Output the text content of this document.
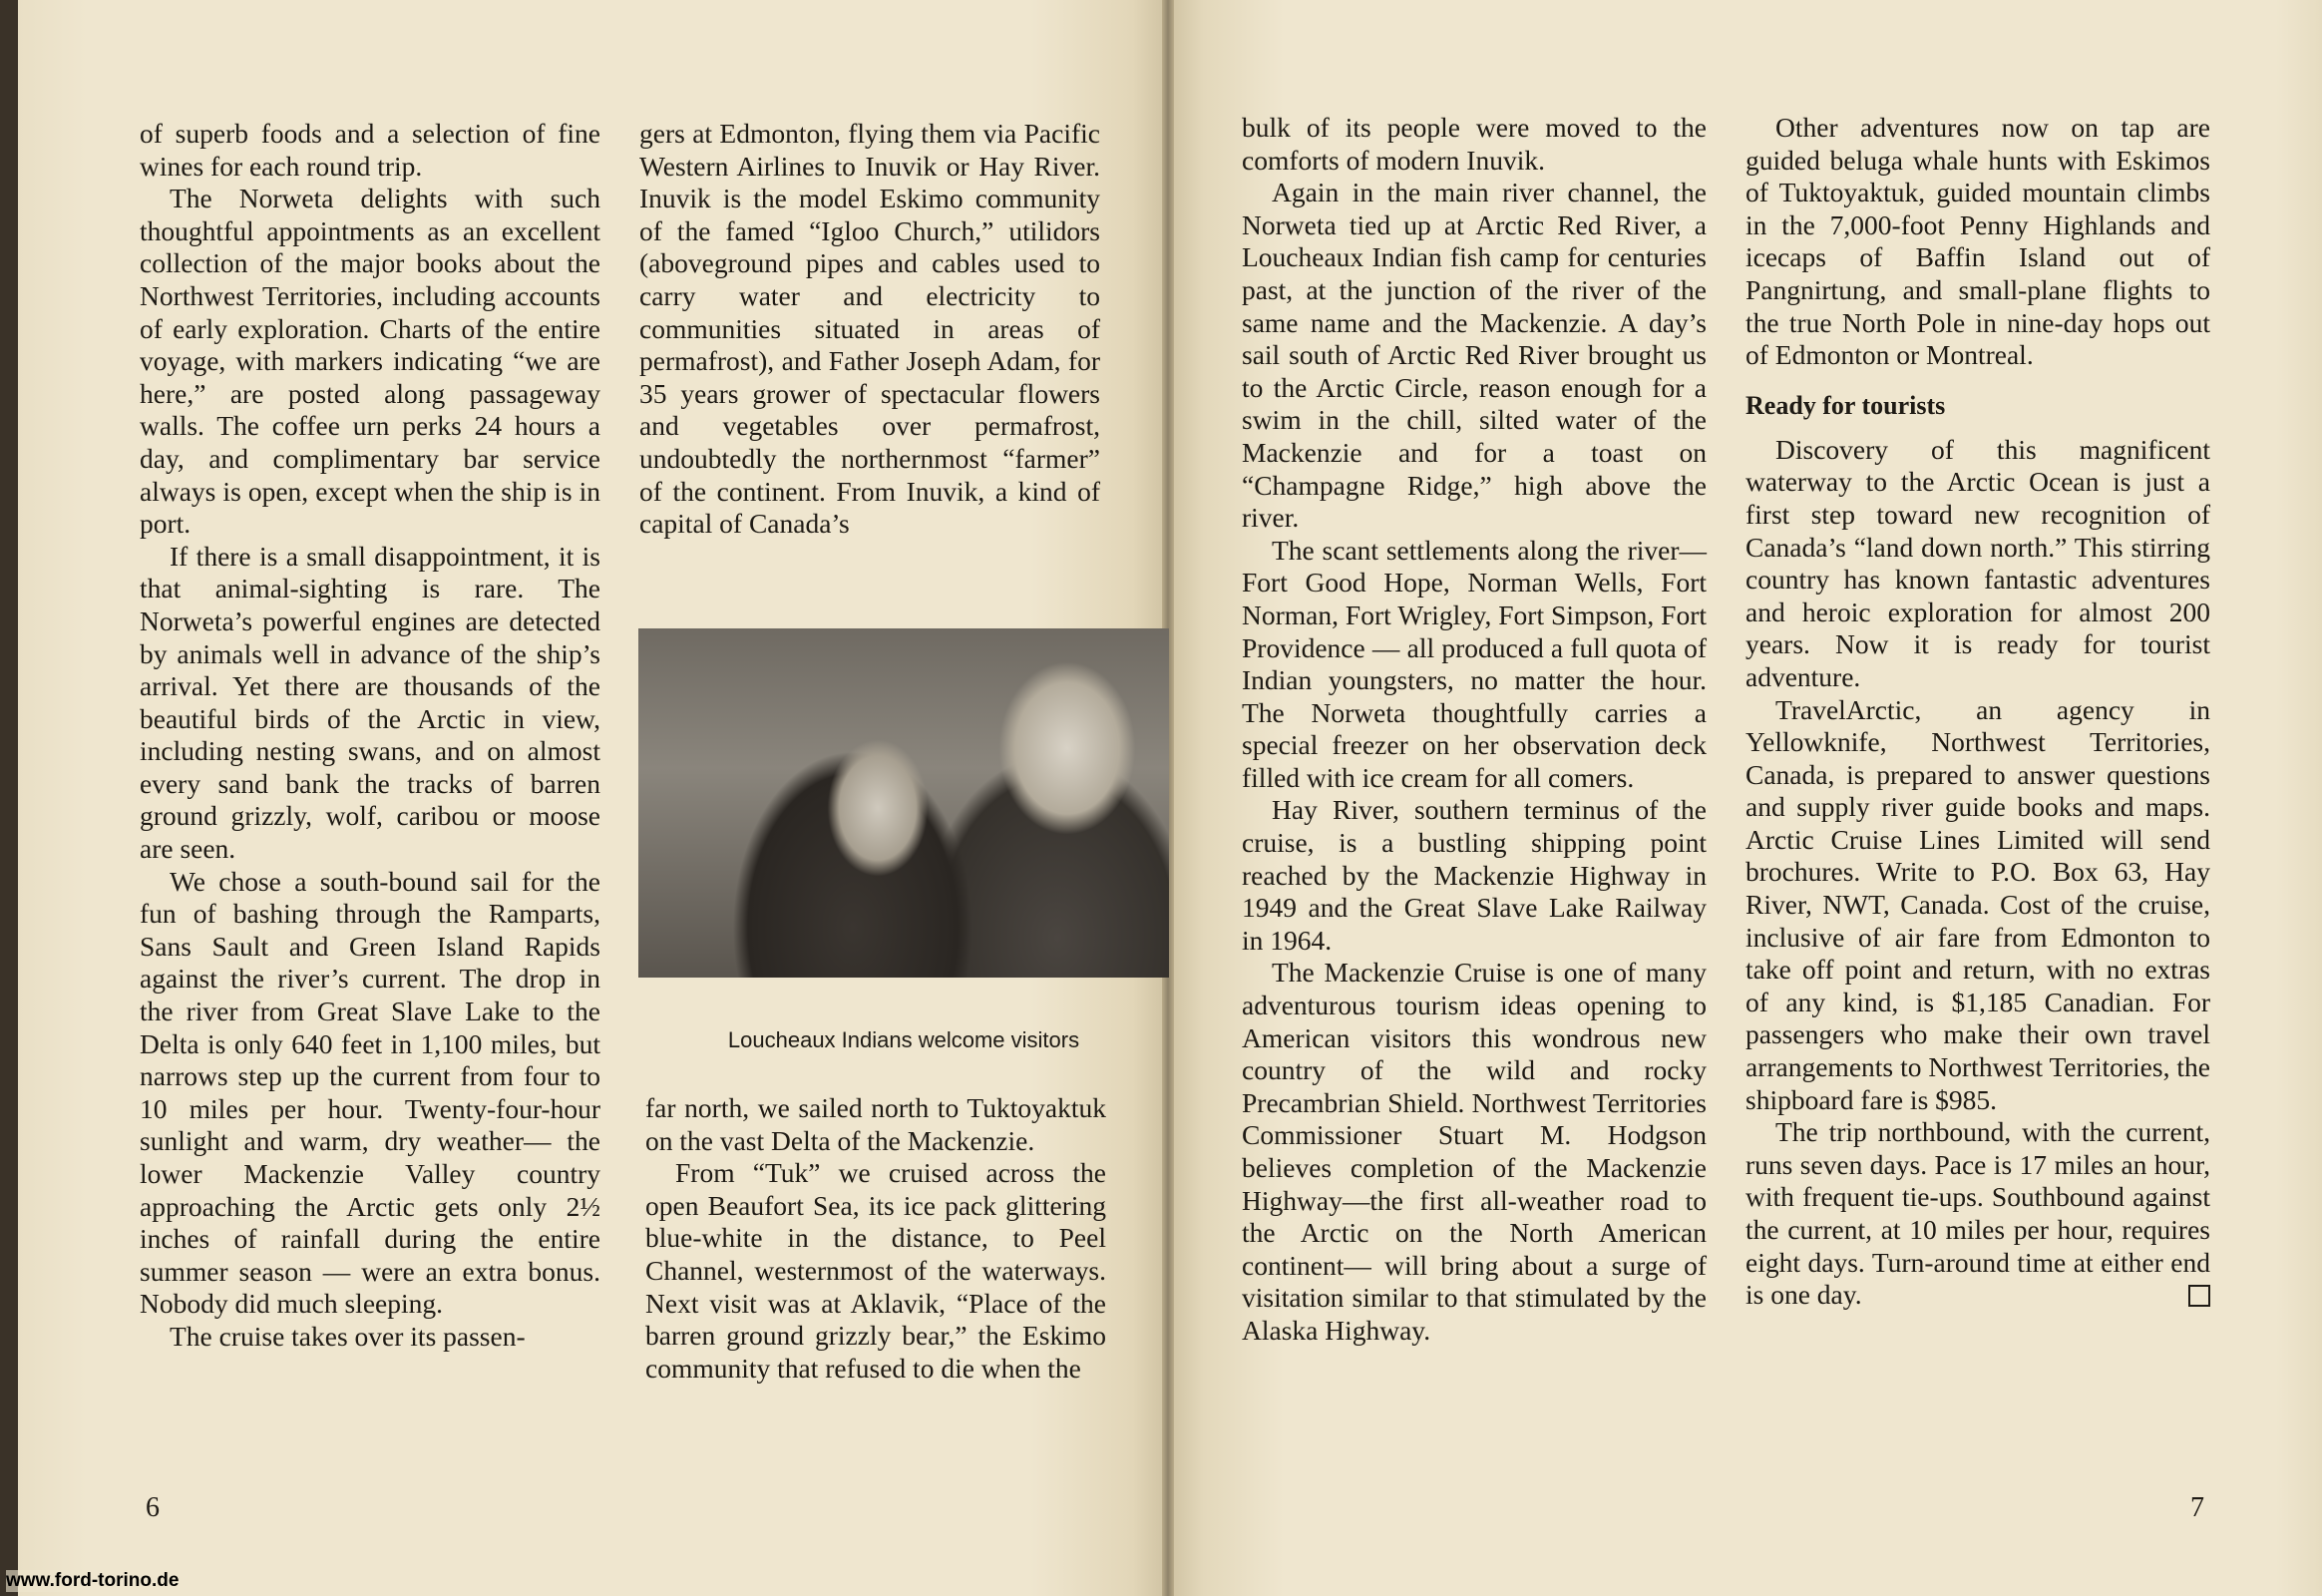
of superb foods and a selection of fine wines for each round trip.

The Norweta delights with such thoughtful appointments as an excellent collection of the major books about the Northwest Territories, including accounts of early exploration. Charts of the entire voyage, with markers indicating “we are here,” are posted along passageway walls. The coffee urn perks 24 hours a day, and complimentary bar service always is open, except when the ship is in port.

If there is a small disappointment, it is that animal-sighting is rare. The Norweta’s powerful engines are detected by animals well in advance of the ship’s arrival. Yet there are thousands of the beautiful birds of the Arctic in view, including nesting swans, and on almost every sand bank the tracks of barren ground grizzly, wolf, caribou or moose are seen.

We chose a south-bound sail for the fun of bashing through the Ramparts, Sans Sault and Green Island Rapids against the river’s current. The drop in the river from Great Slave Lake to the Delta is only 640 feet in 1,100 miles, but narrows step up the current from four to 10 miles per hour. Twenty-four-hour sunlight and warm, dry weather— the lower Mackenzie Valley country approaching the Arctic gets only 2½ inches of rainfall during the entire summer season — were an extra bonus. Nobody did much sleeping.

The cruise takes over its passen-

gers at Edmonton, flying them via Pacific Western Airlines to Inuvik or Hay River. Inuvik is the model Eskimo community of the famed “Igloo Church,” utilidors (aboveground pipes and cables used to carry water and electricity to communities situated in areas of permafrost), and Father Joseph Adam, for 35 years grower of spectacular flowers and vegetables over permafrost, undoubtedly the northernmost “farmer” of the continent. From Inuvik, a kind of capital of Canada’s

Loucheaux Indians welcome visitors

far north, we sailed north to Tuktoyaktuk on the vast Delta of the Mackenzie.

From “Tuk” we cruised across the open Beaufort Sea, its ice pack glittering blue-white in the distance, to Peel Channel, westernmost of the waterways. Next visit was at Aklavik, “Place of the barren ground grizzly bear,” the Eskimo community that refused to die when the

6

bulk of its people were moved to the comforts of modern Inuvik.

Again in the main river channel, the Norweta tied up at Arctic Red River, a Loucheaux Indian fish camp for centuries past, at the junction of the river of the same name and the Mackenzie. A day’s sail south of Arctic Red River brought us to the Arctic Circle, reason enough for a swim in the chill, silted water of the Mackenzie and for a toast on “Champagne Ridge,” high above the river.

The scant settlements along the river—Fort Good Hope, Norman Wells, Fort Norman, Fort Wrigley, Fort Simpson, Fort Providence — all produced a full quota of Indian youngsters, no matter the hour. The Norweta thoughtfully carries a special freezer on her observation deck filled with ice cream for all comers.

Hay River, southern terminus of the cruise, is a bustling shipping point reached by the Mackenzie Highway in 1949 and the Great Slave Lake Railway in 1964.

The Mackenzie Cruise is one of many adventurous tourism ideas opening to American visitors this wondrous new country of the wild and rocky Precambrian Shield. Northwest Territories Commissioner Stuart M. Hodgson believes completion of the Mackenzie Highway—the first all-weather road to the Arctic on the North American continent— will bring about a surge of visitation similar to that stimulated by the Alaska Highway.

Other adventures now on tap are guided beluga whale hunts with Eskimos of Tuktoyaktuk, guided mountain climbs in the 7,000-foot Penny Highlands and icecaps of Baffin Island out of Pangnirtung, and small-plane flights to the true North Pole in nine-day hops out of Edmonton or Montreal.

Ready for tourists

Discovery of this magnificent waterway to the Arctic Ocean is just a first step toward new recognition of Canada’s “land down north.” This stirring country has known fantastic adventures and heroic exploration for almost 200 years. Now it is ready for tourist adventure.

TravelArctic, an agency in Yellowknife, Northwest Territories, Canada, is prepared to answer questions and supply river guide books and maps. Arctic Cruise Lines Limited will send brochures. Write to P.O. Box 63, Hay River, NWT, Canada. Cost of the cruise, inclusive of air fare from Edmonton to take off point and return, with no extras of any kind, is $1,185 Canadian. For passengers who make their own travel arrangements to Northwest Territories, the shipboard fare is $985.

The trip northbound, with the current, runs seven days. Pace is 17 miles an hour, with frequent tie-ups. Southbound against the current, at 10 miles per hour, requires eight days. Turn-around time at either end is one day.

7
www.ford-torino.de
